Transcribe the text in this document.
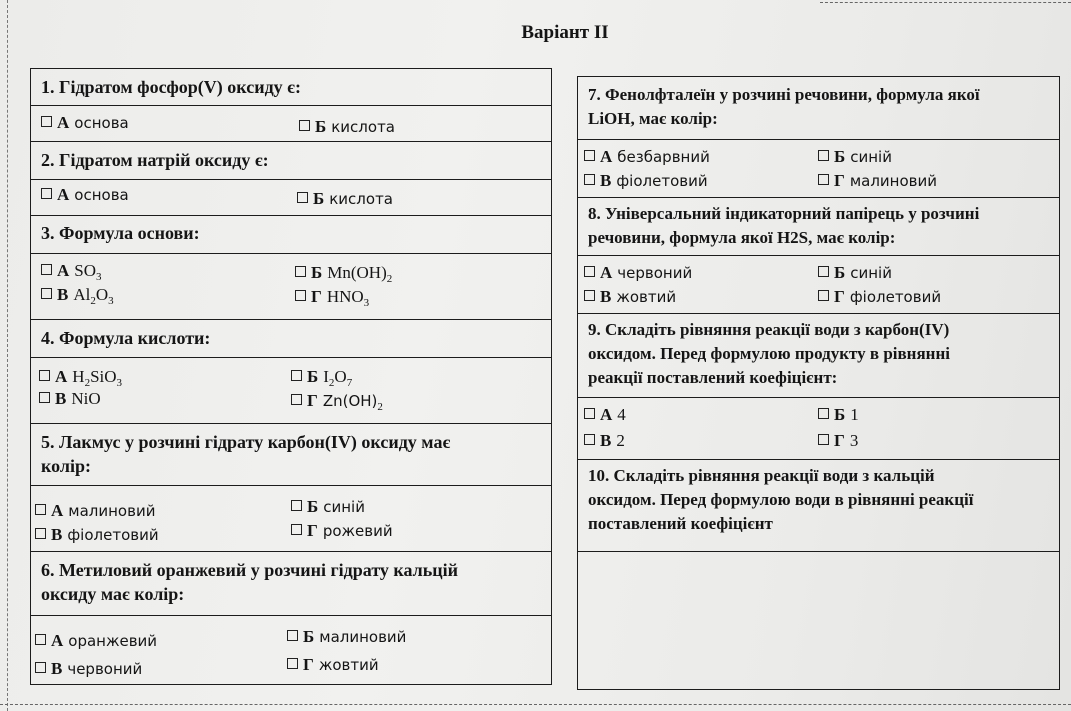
Варіант II
1. Гідратом фосфор(V) оксиду є:
А основа	Б кислота
2. Гідратом натрій оксиду є:
А основа	Б кислота
3. Формула основи:
А $SO_3$	Б $Mn(OH)_2$
В $Al_2O_3$	Г $HNO_3$
4. Формула кислоти:
А $H_2SiO_3$	Б $I_2O_7$
В NiO	Г $Zn(OH)_2$
5. Лакмус у розчині гідрату карбон(IV) оксиду має
колір:
А малиновий	Б синій
В фіолетовий	Г рожевий
6. Метиловий оранжевий у розчині гідрату кальцій
оксиду має колір:
А оранжевий	Б малиновий
В червоний	Г жовтий
7. Фенолфталеїн у розчині речовини, формула якої
LiOH, має колір:
А безбарвний	Б синій
В фіолетовий	Г малиновий
8. Універсальний індикаторний папірець у розчині
речовини, формула якої H2S, має колір:
А червоний	Б синій
В жовтий	Г фіолетовий
9. Складіть рівняння реакції води з карбон(IV)
оксидом. Перед формулою продукту в рівнянні
реакції поставлений коефіцієнт:
А 4	Б 1
В 2	Г 3
10. Складіть рівняння реакції води з кальцій
оксидом. Перед формулою води в рівнянні реакції
поставлений коефіцієнт
